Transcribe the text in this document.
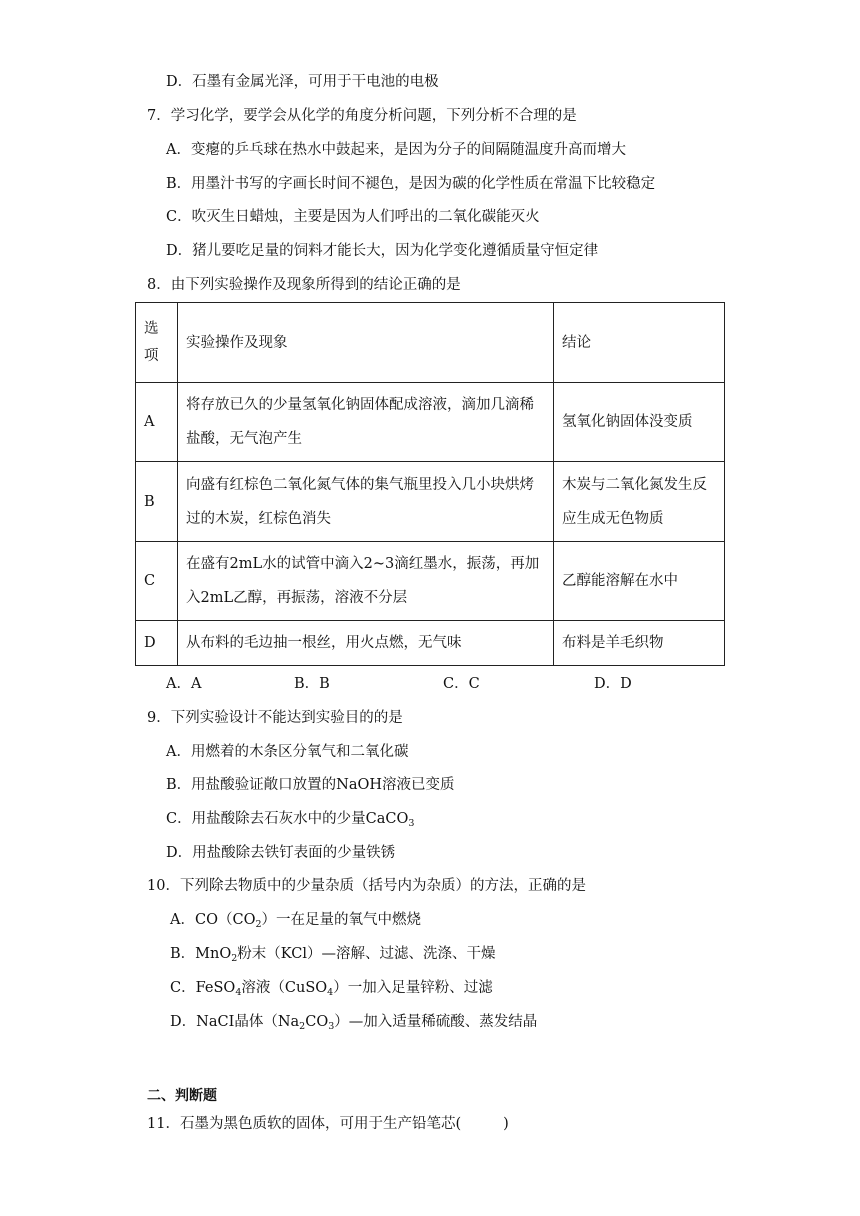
D．石墨有金属光泽，可用于干电池的电极
7．学习化学，要学会从化学的角度分析问题，下列分析不合理的是
A．变瘪的乒乓球在热水中鼓起来，是因为分子的间隔随温度升高而增大
B．用墨汁书写的字画长时间不褪色，是因为碳的化学性质在常温下比较稳定
C．吹灭生日蜡烛，主要是因为人们呼出的二氧化碳能灭火
D．猪儿要吃足量的饲料才能长大，因为化学变化遵循质量守恒定律
8．由下列实验操作及现象所得到的结论正确的是
选项	实验操作及现象	结论
A	将存放已久的少量氢氧化钠固体配成溶液，滴加几滴稀盐酸，无气泡产生	氢氧化钠固体没变质
B	向盛有红棕色二氧化氮气体的集气瓶里投入几小块烘烤过的木炭，红棕色消失	木炭与二氧化氮发生反应生成无色物质
C	在盛有2mL水的试管中滴入2~3滴红墨水，振荡，再加入2mL乙醇，再振荡，溶液不分层	乙醇能溶解在水中
D	从布料的毛边抽一根丝，用火点燃，无气味	布料是羊毛织物
A．A	B．B	C．C	D．D
9．下列实验设计不能达到实验目的的是
A．用燃着的木条区分氧气和二氧化碳
B．用盐酸验证敞口放置的NaOH溶液已变质
C．用盐酸除去石灰水中的少量CaCO$_3$
D．用盐酸除去铁钉表面的少量铁锈
10．下列除去物质中的少量杂质（括号内为杂质）的方法，正确的是
A．$CO(CO_2)$一在足量的氧气中燃烧
B．MnO$_2$粉末（KCl）—溶解、过滤、洗涤、干燥
C．FeSO$_4$溶液（CuSO$_4$）一加入足量锌粉、过滤
D．NaCI晶体$(Na_2CO_3)—$加入适量稀硫酸、蒸发结晶
二、判断题
11．石墨为黑色质软的固体，可用于生产铅笔芯(	)
